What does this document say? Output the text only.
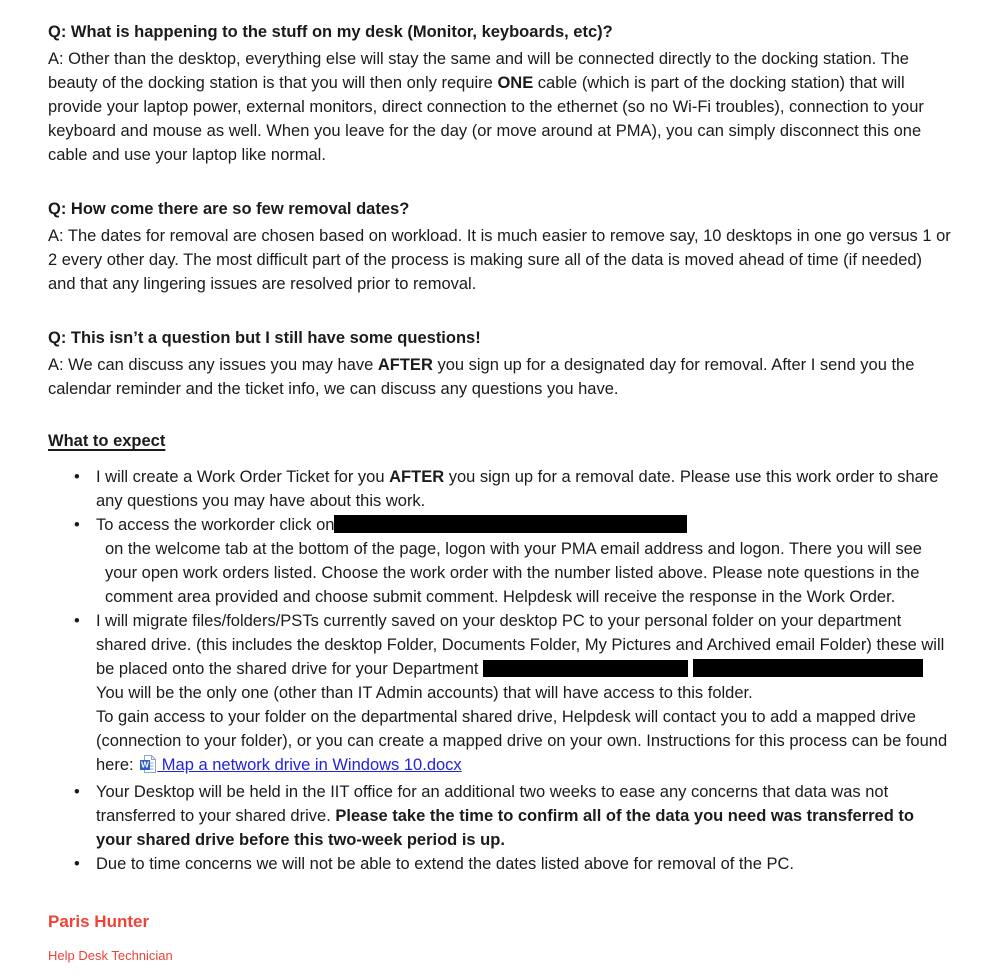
Q: What is happening to the stuff on my desk (Monitor, keyboards, etc)?

A: Other than the desktop, everything else will stay the same and will be connected directly to the docking station. The beauty of the docking station is that you will then only require ONE cable (which is part of the docking station) that will provide your laptop power, external monitors, direct connection to the ethernet (so no Wi-Fi troubles), connection to your keyboard and mouse as well. When you leave for the day (or move around at PMA), you can simply disconnect this one cable and use your laptop like normal.

Q: How come there are so few removal dates?

A: The dates for removal are chosen based on workload. It is much easier to remove say, 10 desktops in one go versus 1 or 2 every other day. The most difficult part of the process is making sure all of the data is moved ahead of time (if needed) and that any lingering issues are resolved prior to removal.

Q: This isn’t a question but I still have some questions!

A: We can discuss any issues you may have AFTER you sign up for a designated day for removal. After I send you the calendar reminder and the ticket info, we can discuss any questions you have.

What to expect

• I will create a Work Order Ticket for you AFTER you sign up for a removal date. Please use this work order to share any questions you may have about this work.
• To access the workorder click on
on the welcome tab at the bottom of the page, logon with your PMA email address and logon. There you will see your open work orders listed. Choose the work order with the number listed above. Please note questions in the comment area provided and choose submit comment. Helpdesk will receive the response in the Work Order.
• I will migrate files/folders/PSTs currently saved on your desktop PC to your personal folder on your department shared drive. (this includes the desktop Folder, Documents Folder, My Pictures and Archived email Folder) these will be placed onto the shared drive for your Department   You will be the only one (other than IT Admin accounts) that will have access to this folder.
To gain access to your folder on the departmental shared drive, Helpdesk will contact you to add a mapped drive (connection to your folder), or you can create a mapped drive on your own. Instructions for this process can be found here: W Map a network drive in Windows 10.docx
• Your Desktop will be held in the IIT office for an additional two weeks to ease any concerns that data was not transferred to your shared drive. Please take the time to confirm all of the data you need was transferred to your shared drive before this two-week period is up.
• Due to time concerns we will not be able to extend the dates listed above for removal of the PC.
Paris Hunter
Help Desk Technician
